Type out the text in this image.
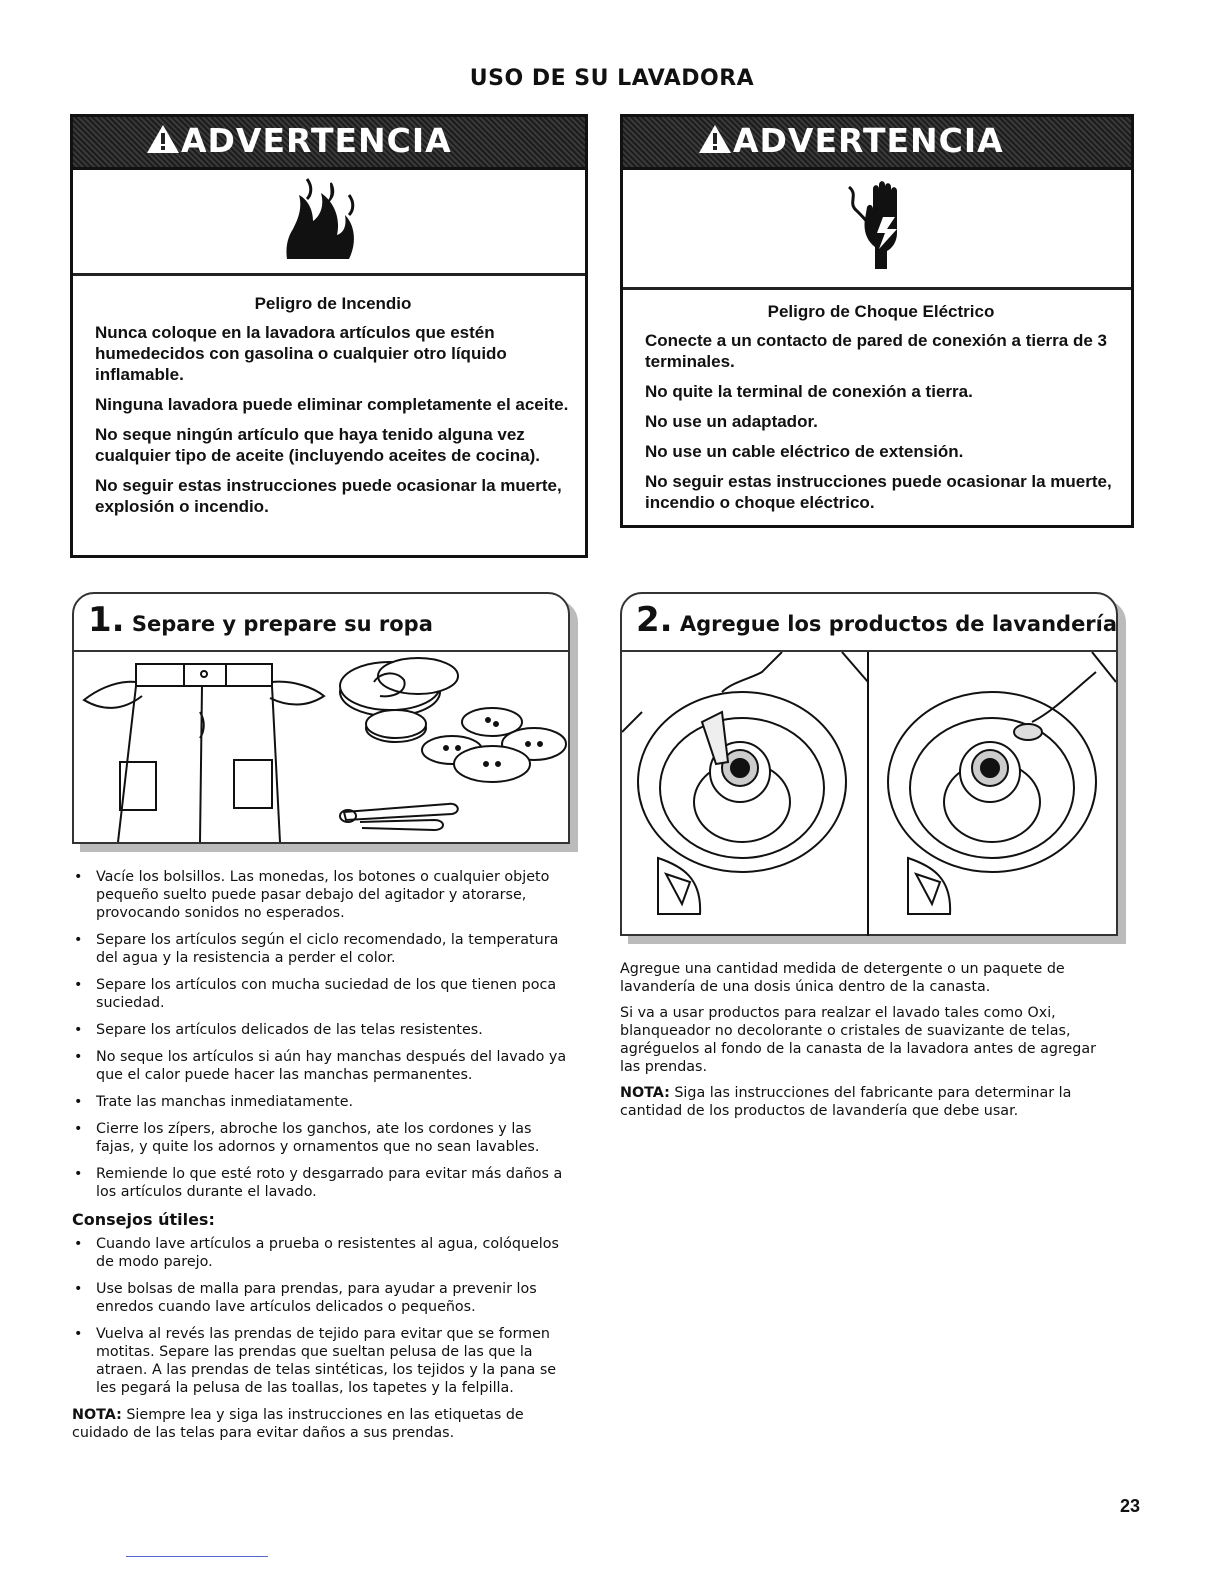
USO DE SU LAVADORA
ADVERTENCIA
Peligro de Incendio

Nunca coloque en la lavadora artículos que estén humedecidos con gasolina o cualquier otro líquido inflamable.

Ninguna lavadora puede eliminar completamente el aceite.

No seque ningún artículo que haya tenido alguna vez cualquier tipo de aceite (incluyendo aceites de cocina).

No seguir estas instrucciones puede ocasionar la muerte, explosión o incendio.

ADVERTENCIA
Peligro de Choque Eléctrico

Conecte a un contacto de pared de conexión a tierra de 3 terminales.

No quite la terminal de conexión a tierra.

No use un adaptador.

No use un cable eléctrico de extensión.

No seguir estas instrucciones puede ocasionar la muerte, incendio o choque eléctrico.

1. Separe y prepare su ropa
• Vacíe los bolsillos. Las monedas, los botones o cualquier objeto pequeño suelto puede pasar debajo del agitador y atorarse, provocando sonidos no esperados.
• Separe los artículos según el ciclo recomendado, la temperatura del agua y la resistencia a perder el color.
• Separe los artículos con mucha suciedad de los que tienen poca suciedad.
• Separe los artículos delicados de las telas resistentes.
• No seque los artículos si aún hay manchas después del lavado ya que el calor puede hacer las manchas permanentes.
• Trate las manchas inmediatamente.
• Cierre los zípers, abroche los ganchos, ate los cordones y las fajas, y quite los adornos y ornamentos que no sean lavables.
• Remiende lo que esté roto y desgarrado para evitar más daños a los artículos durante el lavado.
Consejos útiles:
• Cuando lave artículos a prueba o resistentes al agua, colóquelos de modo parejo.
• Use bolsas de malla para prendas, para ayudar a prevenir los enredos cuando lave artículos delicados o pequeños.
• Vuelva al revés las prendas de tejido para evitar que se formen motitas. Separe las prendas que sueltan pelusa de las que la atraen. A las prendas de telas sintéticas, los tejidos y la pana se les pegará la pelusa de las toallas, los tapetes y la felpilla.

NOTA: Siempre lea y siga las instrucciones en las etiquetas de cuidado de las telas para evitar daños a sus prendas.

2. Agregue los productos de lavandería

Agregue una cantidad medida de detergente o un paquete de lavandería de una dosis única dentro de la canasta.

Si va a usar productos para realzar el lavado tales como Oxi, blanqueador no decolorante o cristales de suavizante de telas, agréguelos al fondo de la canasta de la lavadora antes de agregar las prendas.

NOTA: Siga las instrucciones del fabricante para determinar la cantidad de los productos de lavandería que debe usar.

23
